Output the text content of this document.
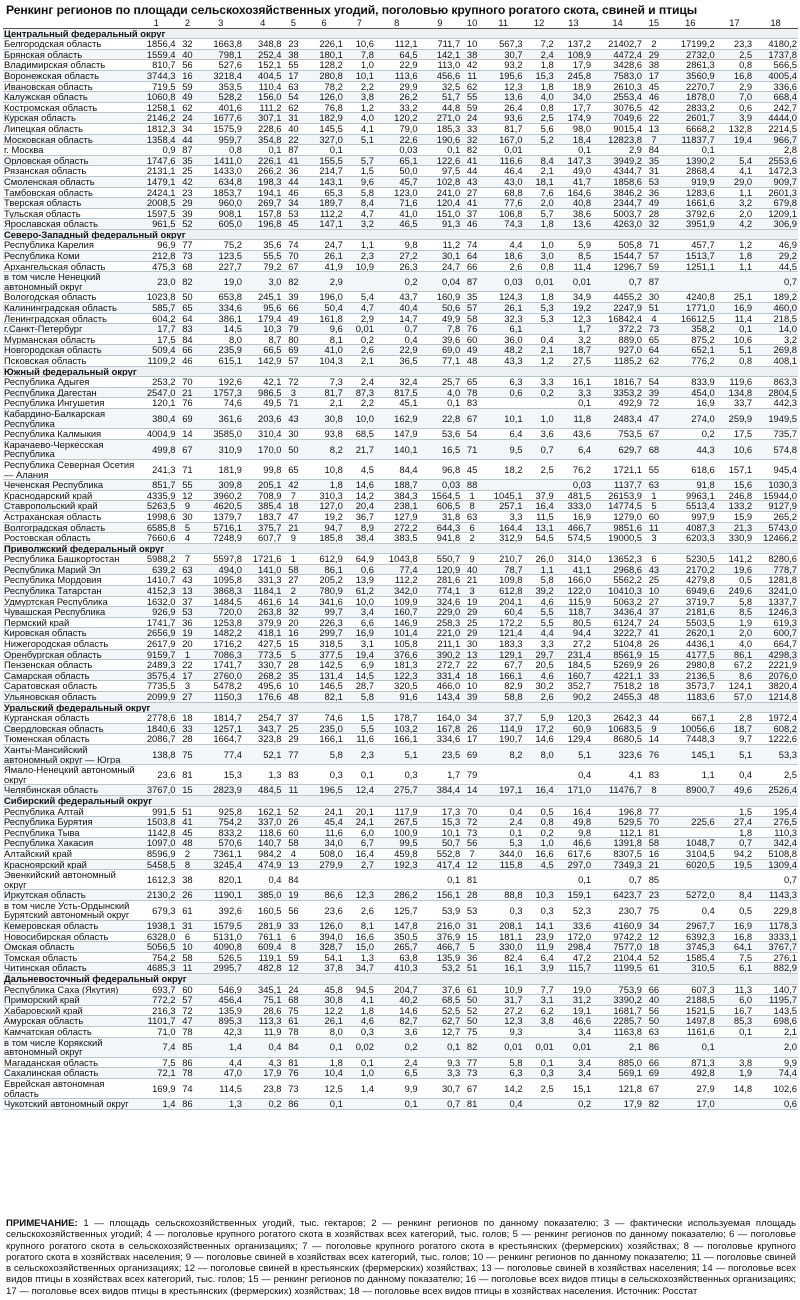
Ренкинг регионов по площади сельскохозяйственных угодий, поголовью крупного рогатого скота, свиней и птицы
	1	2	3	4	5	6	7	8	9	10	11	12	13	14	15	16	17	18
Центральный федеральный округ																		
Белгородская область	1856,4	32	1663,8	348,8	23	226,1	10,6	112,1	711,7	10	567,3	7,2	137,2	21402,7	2	17199,2	23,3	4180,2
Брянская область	1559,4	40	798,1	252,4	38	180,1	7,8	64,5	142,1	38	30,7	2,4	108,9	4472,4	29	2732,0	2,5	1737,8
Владимирская область	810,7	56	527,6	152,1	55	128,2	1,0	22,9	113,0	42	93,2	1,8	17,9	3428,6	38	2861,3	0,8	566,5
Воронежская область	3744,3	16	3218,4	404,5	17	280,8	10,1	113,6	456,6	11	195,6	15,3	245,8	7583,0	17	3560,9	16,8	4005,4
Ивановская область	719,5	59	353,5	110,4	63	78,2	2,2	29,9	32,5	62	12,3	1,8	18,9	2610,3	45	2270,7	2,9	336,6
Калужская область	1060,8	49	528,2	156,0	54	126,0	3,8	26,2	51,7	55	13,6	4,0	34,0	2553,4	46	1878,0	7,0	668,4
Костромская область	1258,1	62	401,6	111,2	62	76,8	1,2	33,2	44,8	59	26,4	0,8	17,7	3076,5	42	2833,2	0,6	242,7
Курская область	2146,2	24	1677,6	307,1	31	182,9	4,0	120,2	271,0	24	93,6	2,5	174,9	7049,6	22	2601,7	3,9	4444,0
Липецкая область	1812,3	34	1575,9	228,6	40	145,5	4,1	79,0	185,3	33	81,7	5,6	98,0	9015,4	13	6668,2	132,8	2214,5
Московская область	1358,4	44	959,7	354,8	22	327,0	5,1	22,6	190,6	32	167,0	5,2	18,4	12823,8	7	11837,7	19,4	966,7
г. Москва	0,9	87	0,8	0,1	87	0,1		0,03	0,1	82	0,01		0,1	2,9	84	0,1		2,8
Орловская область	1747,6	35	1411,0	226,1	41	155,5	5,7	65,1	122,6	41	116,6	8,4	147,3	3949,2	35	1390,2	5,4	2553,6
Рязанская область	2131,1	25	1433,0	266,2	36	214,7	1,5	50,0	97,5	44	46,4	2,1	49,0	4344,7	31	2868,4	4,1	1472,3
Смоленская область	1479,1	42	634,8	198,3	44	143,1	9,6	45,7	102,8	43	43,0	18,1	41,7	1858,6	53	919,9	29,0	909,7
Тамбовская область	2424,1	23	1853,7	194,1	46	65,3	5,8	123,0	241,0	27	68,8	7,6	164,6	3846,2	36	1283,6	1,1	2601,3
Тверская область	2008,5	29	960,0	269,7	34	189,7	8,4	71,6	120,4	41	77,6	2,0	40,8	2344,7	49	1661,6	3,2	679,8
Тульская область	1597,5	39	908,1	157,8	53	112,2	4,7	41,0	151,0	37	106,8	5,7	38,6	5003,7	28	3792,6	2,0	1209,1
Ярославская область	961,5	52	605,0	196,8	45	147,1	3,2	46,5	91,3	46	74,3	1,8	13,6	4263,0	32	3951,9	4,2	306,9
Северо-Западный федеральный округ																		
Республика Карелия	96,9	77	75,2	35,6	74	24,7	1,1	9,8	11,2	74	4,4	1,0	5,9	505,8	71	457,7	1,2	46,9
Республика Коми	212,8	73	123,5	55,5	70	26,1	2,3	27,2	30,1	64	18,6	3,0	8,5	1544,7	57	1513,7	1,8	29,2
Архангельская область	475,3	68	227,7	79,2	67	41,9	10,9	26,3	24,7	66	2,6	0,8	11,4	1296,7	59	1251,1	1,1	44,5
в том числе Ненецкий автономный округ	23,0	82	19,0	3,0	82	2,9		0,2	0,04	87	0,03	0,01	0,01	0,7	87			0,7
Вологодская область	1023,8	50	653,8	245,1	39	196,0	5,4	43,7	160,9	35	124,3	1,8	34,9	4455,2	30	4240,8	25,1	189,2
Калининградская область	585,7	65	334,6	95,6	66	50,4	4,7	40,4	50,6	57	26,1	5,3	19,2	2247,9	51	1771,0	16,9	460,0
Ленинградская область	604,2	64	386,1	179,4	49	161,8	2,9	14,7	49,9	58	32,3	5,3	12,3	16842,4	4	16612,5	11,4	218,5
г.Санкт-Петербург	17,7	83	14,5	10,3	79	9,6	0,01	0,7	7,8	76	6,1		1,7	372,2	73	358,2	0,1	14,0
Мурманская область	17,5	84	8,0	8,7	80	8,1	0,2	0,4	39,6	60	36,0	0,4	3,2	889,0	65	875,2	10,6	3,2
Новгородская область	509,4	66	235,9	66,5	69	41,0	2,6	22,9	69,0	49	48,2	2,1	18,7	927,0	64	652,1	5,1	269,8
Псковская область	1109,2	46	615,1	142,9	57	104,3	2,1	36,5	77,1	48	43,3	1,2	27,5	1185,2	62	776,2	0,8	408,1
Южный федеральный округ																		
Республика Адыгея	253,2	70	192,6	42,1	72	7,3	2,4	32,4	25,7	65	6,3	3,3	16,1	1816,7	54	833,9	119,6	863,3
Республика Дагестан	2547,0	21	1757,3	986,5	3	81,7	87,3	817,5	4,0	78	0,6	0,2	3,3	3353,2	39	454,0	134,8	2804,5
Республика Ингушетия	120,1	76	74,6	49,5	71	2,1	2,2	45,1	0,1	83			0,1	492,9	72	16,9	33,7	442,3
Кабардино-Балкарская Республика	380,4	69	361,6	203,6	43	30,8	10,0	162,9	22,8	67	10,1	1,0	11,8	2483,4	47	274,0	259,9	1949,5
Республика Калмыкия	4004,9	14	3585,0	310,4	30	93,8	68,5	147,9	53,6	54	6,4	3,6	43,6	753,5	67	0,2	17,5	735,7
Карачаево-Черкесская Республика	499,8	67	310,9	170,0	50	8,2	21,7	140,1	16,5	71	9,5	0,7	6,4	629,7	68	44,3	10,6	574,8
Республика Северная Осетия — Алания	241,3	71	181,9	99,8	65	10,8	4,5	84,4	96,8	45	18,2	2,5	76,2	1721,1	55	618,6	157,1	945,4
Чеченская Республика	851,7	55	309,8	205,1	42	1,8	14,6	188,7	0,03	88			0,03	1137,7	63	91,8	15,6	1030,3
Краснодарский край	4335,9	12	3960,2	708,9	7	310,3	14,2	384,3	1564,5	1	1045,1	37,9	481,5	26153,9	1	9963,1	246,8	15944,0
Ставропольский край	5263,5	9	4620,5	385,4	18	127,0	20,4	238,1	606,5	8	257,1	16,4	333,0	14774,5	5	5513,4	133,2	9127,9
Астраханская область	1998,6	30	1379,7	183,7	47	19,2	36,7	127,9	31,8	63	3,3	11,5	16,9	1279,0	60	997,9	15,9	265,2
Волгоградская область	6585,8	5	5716,1	375,7	21	94,7	8,9	272,2	644,3	6	164,4	13,1	466,7	9851,6	11	4087,3	21,3	5743,0
Ростовская область	7660,6	4	7248,9	607,7	9	185,8	38,4	383,5	941,8	2	312,9	54,5	574,5	19000,5	3	6203,3	330,9	12466,2
Приволжский федеральный округ																		
Республика Башкортостан	5988,2	7	5597,8	1721,6	1	612,9	64,9	1043,8	550,7	9	210,7	26,0	314,0	13652,3	6	5230,5	141,2	8280,6
Республика Марий Эл	639,2	63	494,0	141,0	58	86,1	0,6	77,4	120,9	40	78,7	1,1	41,1	2968,6	43	2170,2	19,6	778,7
Республика Мордовия	1410,7	43	1095,8	331,3	27	205,2	13,9	112,2	281,6	21	109,8	5,8	166,0	5562,2	25	4279,8	0,5	1281,8
Республика Татарстан	4152,3	13	3868,3	1184,1	2	780,9	61,2	342,0	774,1	3	612,8	39,2	122,0	10410,3	10	6949,6	249,6	3241,0
Удмуртская Республика	1632,0	37	1484,5	461,6	14	341,6	10,0	109,9	324,6	19	204,1	4,6	115,9	5063,2	27	3719,7	5,8	1337,7
Чувашская Республика	926,9	53	720,0	263,8	32	99,7	3,4	160,7	229,0	29	60,4	5,5	118,7	3436,4	37	2181,6	8,5	1246,3
Пермский край	1741,7	36	1253,8	379,9	20	226,3	6,6	146,9	258,3	25	172,2	5,5	80,5	6124,7	24	5503,5	1,9	619,3
Кировская область	2656,9	19	1482,2	418,1	16	299,7	16,9	101,4	221,0	29	121,4	4,4	94,4	3222,7	41	2620,1	2,0	600,7
Нижегородская область	2617,9	20	1716,2	427,5	15	318,5	3,1	105,8	211,1	30	183,3	3,3	27,2	5104,8	26	4436,1	4,0	664,7
Оренбургская область	9159,7	1	7086,3	773,5	5	377,5	19,4	376,6	390,2	13	129,1	29,7	231,4	8561,9	15	4177,5	86,1	4298,3
Пензенская область	2489,3	22	1741,7	330,7	28	142,5	6,9	181,3	272,7	22	67,7	20,5	184,5	5269,9	26	2980,8	67,2	2221,9
Самарская область	3575,4	17	2760,0	268,2	35	131,4	14,5	122,3	331,4	18	166,1	4,6	160,7	4221,1	33	2136,5	8,6	2076,0
Саратовская область	7735,5	3	5478,2	495,6	10	146,5	28,7	320,5	466,0	10	82,9	30,2	352,7	7518,2	18	3573,7	124,1	3820,4
Ульяновская область	2099,9	27	1150,3	176,6	48	82,1	5,8	91,6	143,4	39	58,8	2,6	90,2	2455,3	48	1183,6	57,0	1214,8
Уральский федеральный округ																		
Курганская область	2778,6	18	1814,7	254,7	37	74,6	1,5	178,7	164,0	34	37,7	5,9	120,3	2642,3	44	667,1	2,8	1972,4
Свердловская область	1840,6	33	1257,1	343,7	25	235,0	5,5	103,2	167,8	26	114,9	17,2	60,9	10683,5	9	10056,6	18,7	608,2
Тюменская область	2086,7	28	1664,7	323,8	29	166,1	11,6	166,1	334,6	17	190,7	14,6	129,4	8680,5	14	7448,3	9,7	1222,6
Ханты-Мансийский автономный округ — Югра	138,8	75	77,4	52,1	77	5,8	2,3	5,1	23,5	69	8,2	8,0	5,1	323,6	76	145,1	5,1	53,3
Ямало-Ненецкий автономный округ	23,6	81	15,3	1,3	83	0,3	0,1	0,3	1,7	79			0,4	4,1	83	1,1	0,4	2,5
Челябинская область	3767,0	15	2823,9	484,5	11	196,5	12,4	275,7	384,4	14	197,1	16,4	171,0	11476,7	8	8900,7	49,6	2526,4
Сибирский федеральный округ																		
Республика Алтай	991,5	51	925,8	162,1	52	24,1	20,1	117,9	17,3	70	0,4	0,5	16,4	196,8	77		1,5	195,4
Республика Бурятия	1503,8	41	754,2	337,0	26	45,4	24,1	267,5	15,3	72	2,4	0,8	49,8	529,5	70	225,6	27,4	276,5
Республика Тыва	1142,8	45	833,2	118,6	60	11,6	6,0	100,9	10,1	73	0,1	0,2	9,8	112,1	81		1,8	110,3
Республика Хакасия	1097,0	48	570,6	140,7	58	34,0	6,7	99,5	50,7	56	5,3	1,0	46,6	1391,8	58	1048,7	0,7	342,4
Алтайский край	8596,9	2	7361,1	984,2	4	508,0	16,4	459,8	552,8	7	344,0	16,6	617,6	8307,5	16	3104,5	94,2	5108,8
Красноярский край	5458,5	8	3245,4	474,9	13	279,9	2,7	192,3	417,4	12	115,8	4,5	297,0	7349,3	21	6020,5	19,5	1309,4
Эвенкийский автономный округ	1612,3	38	820,1	0,4	84				0,1	81			0,1	0,7	85			0,7
Иркутская область	2130,2	26	1190,1	385,0	19	86,6	12,3	286,2	156,1	28	88,8	10,3	159,1	6423,7	23	5272,0	8,4	1143,3
в том числе Усть-Ордынский Бурятский автономный округ	679,3	61	392,6	160,5	56	23,6	2,6	125,7	53,9	53	0,3	0,3	52,3	230,7	75	0,4	0,5	229,8
Кемеровская область	1938,1	31	1579,5	281,9	33	126,0	8,1	147,8	216,0	31	208,1	14,1	33,6	4160,9	34	2967,7	16,9	1178,3
Новосибирская область	6328,0	6	5131,0	761,1	6	394,0	16,6	350,5	376,9	15	181,1	23,9	172,0	9742,2	12	6392,3	16,8	3333,1
Омская область	5056,5	10	4090,8	609,4	8	328,7	15,0	265,7	466,7	5	330,0	11,9	298,4	7577,0	18	3745,3	64,1	3767,7
Томская область	754,2	58	526,5	119,1	59	54,1	1,3	63,8	135,9	36	82,4	6,4	47,2	2104,4	52	1585,4	7,5	276,1
Читинская область	4685,3	11	2995,7	482,8	12	37,8	34,7	410,3	53,2	51	16,1	3,9	115,7	1199,5	61	310,5	6,1	882,9
Дальневосточный федеральный округ																		
Республика Саха (Якутия)	693,7	60	546,9	345,1	24	45,8	94,5	204,7	37,6	61	10,9	7,7	19,0	753,9	66	607,3	11,3	140,7
Приморский край	772,2	57	456,4	75,1	68	30,8	4,1	40,2	68,5	50	31,7	3,1	31,2	3390,2	40	2188,5	6,0	1195,7
Хабаровский край	216,3	72	135,9	28,6	75	12,2	1,8	14,6	52,5	52	27,2	6,2	19,1	1681,7	56	1521,5	16,7	143,5
Амурская область	1101,7	47	895,3	113,3	61	26,1	4,6	82,7	62,7	50	12,3	3,8	46,6	2285,7	50	1497,8	85,3	698,6
Камчатская область	71,0	78	42,3	11,9	78	8,0	0,3	3,6	12,7	75	9,3		3,4	1163,8	63	1161,6	0,1	2,1
в том числе Корякский автономный округ	7,4	85	1,4	0,4	84	0,1	0,02	0,2	0,1	82	0,01	0,01	0,01	2,1	86	0,1		2,0
Магаданская область	7,5	86	4,4	4,3	81	1,8	0,1	2,4	9,3	77	5,8	0,1	3,4	885,0	66	871,3	3,8	9,9
Сахалинская область	72,1	78	47,0	17,9	76	10,4	1,0	6,5	3,3	73	6,3	0,3	3,4	569,1	69	492,8	1,9	74,4
Еврейская автономная область	169,9	74	114,5	23,8	73	12,5	1,4	9,9	30,7	67	14,2	2,5	15,1	121,8	67	27,9	14,8	102,6
Чукотский автономный округ	1,4	86	1,3	0,2	86	0,1		0,1	0,7	81	0,4		0,2	17,9	82	17,0		0,6
ПРИМЕЧАНИЕ: 1 — площадь сельскохозяйственных угодий, тыс. гектаров; 2 — ренкинг регионов по данному показателю; 3 — фактически используемая площадь сельскохозяйственных угодий; 4 — поголовье крупного рогатого скота в хозяйствах всех категорий, тыс. голов; 5 — ренкинг регионов по данному показателю; 6 — поголовье крупного рогатого скота в сельскохозяйственных организациях; 7 — поголовье крупного рогатого скота в крестьянских (фермерских) хозяйствах; 8 — поголовье крупного рогатого скота в хозяйствах населения; 9 — поголовье свиней в хозяйствах всех категорий, тыс. голов; 10 — ренкинг регионов по данному показателю; 11 — поголовье свиней в сельскохозяйственных организациях; 12 — поголовье свиней в крестьянских (фермерских) хозяйствах; 13 — поголовье свиней в хозяйствах населения; 14 — поголовье всех видов птицы в хозяйствах всех категорий, тыс. голов; 15 — ренкинг регионов по данному показателю; 16 — поголовье всех видов птицы в сельскохозяйственных организациях; 17 — поголовье всех видов птицы в крестьянских (фермерских) хозяйствах; 18 — поголовье всех видов птицы в хозяйствах населения. Источник: Росстат
